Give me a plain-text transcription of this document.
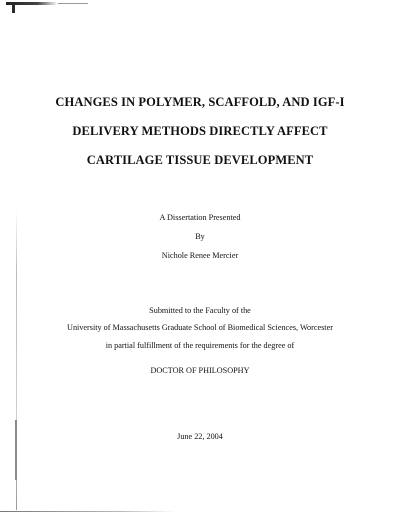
CHANGES IN POLYMER, SCAFFOLD, AND IGF-I
DELIVERY METHODS DIRECTLY AFFECT
CARTILAGE TISSUE DEVELOPMENT
A Dissertation Presented
By
Nichole Renee Mercier
Submitted to the Faculty of the
University of Massachusetts Graduate School of Biomedical Sciences, Worcester
in partial fulfillment of the requirements for the degree of
DOCTOR OF PHILOSOPHY
June 22, 2004
